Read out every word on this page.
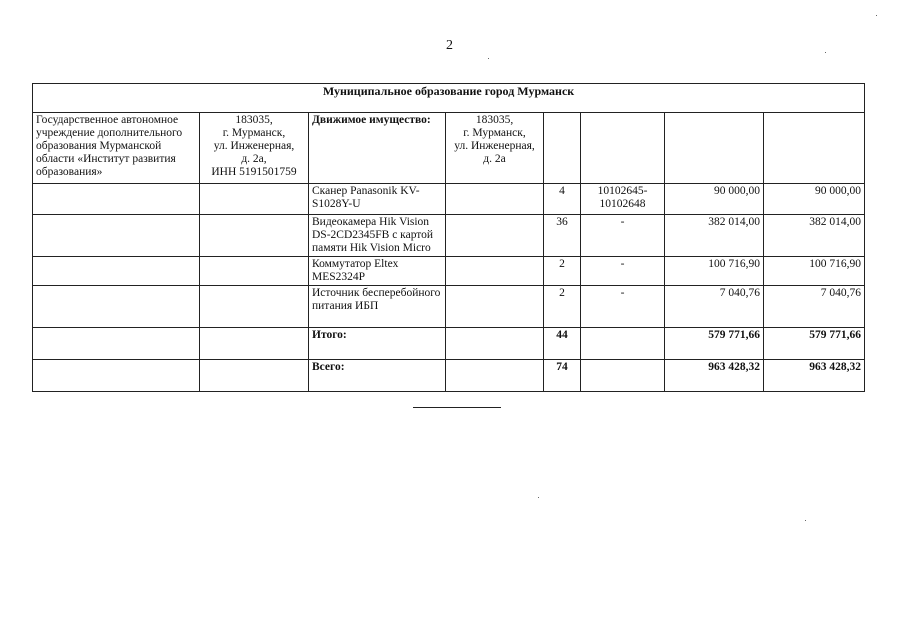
2
Муниципальное образование город Мурманск							
Государственное автономное учреждение дополнительного образования Мурманской области «Институт развития образования»	183035,
г. Мурманск,
ул. Инженерная,
д. 2а,
ИНН 5191501759	Движимое имущество:	183035,
г. Мурманск,
ул. Инженерная,
д. 2а				

		Сканер Panasonik KV-S1028Y-U		4	10102645-
10102648	90 000,00	90 000,00
		Видеокамера Hik Vision DS-2CD2345FB с картой памяти Hik Vision Micro		36	-	382 014,00	382 014,00
		Коммутатор Eltex MES2324P		2	-	100 716,90	100 716,90
		Источник бесперебойного питания ИБП		2	-	7 040,76	7 040,76
		Итого:		44		579 771,66	579 771,66
		Всего:		74		963 428,32	963 428,32
